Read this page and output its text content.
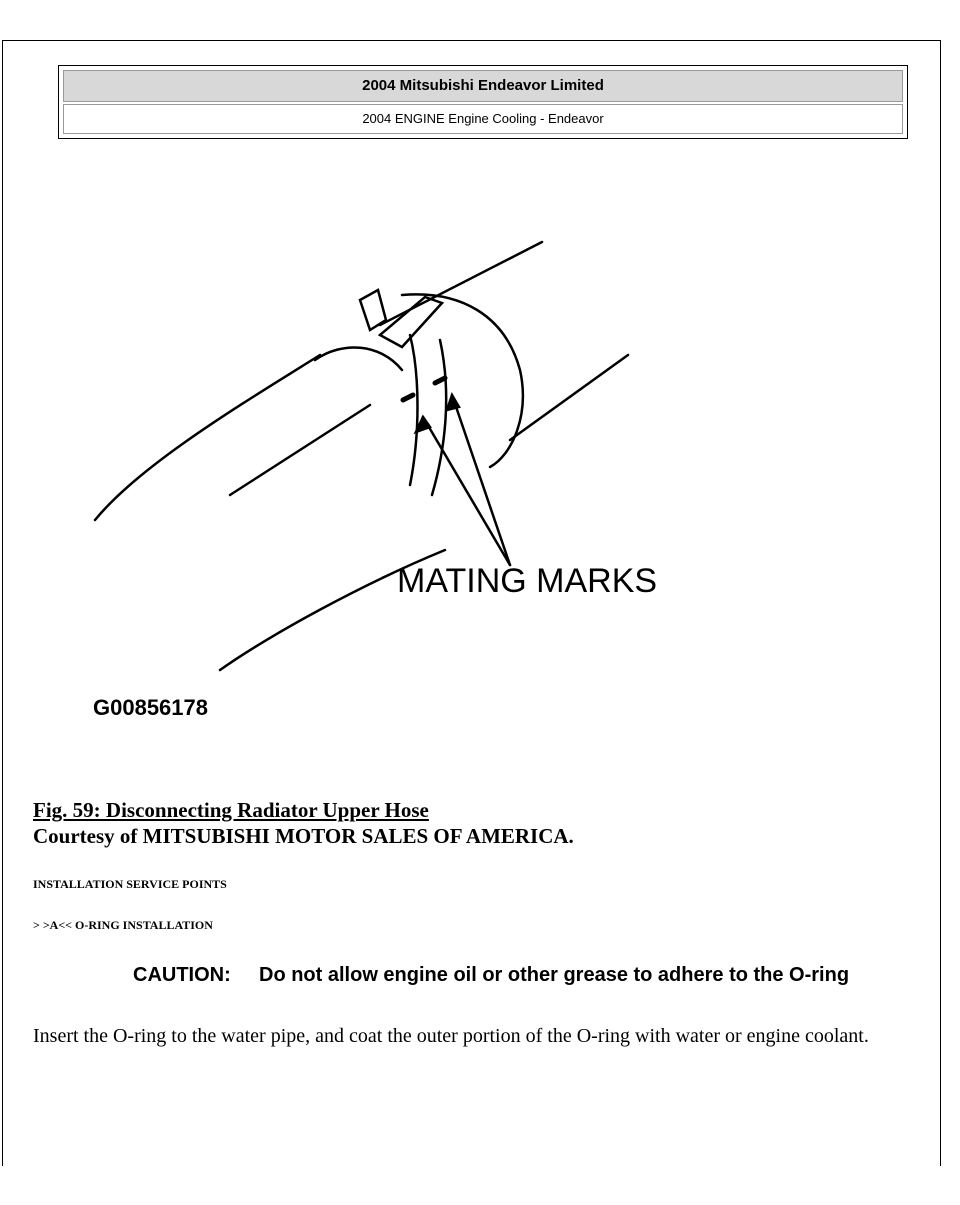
2004 Mitsubishi Endeavor Limited
2004 ENGINE Engine Cooling - Endeavor
MATING MARKS
G00856178
Fig. 59: Disconnecting Radiator Upper Hose
Courtesy of MITSUBISHI MOTOR SALES OF AMERICA.
INSTALLATION SERVICE POINTS
> >A<< O-RING INSTALLATION
CAUTION: Do not allow engine oil or other grease to adhere to the O-ring
Insert the O-ring to the water pipe, and coat the outer portion of the O-ring with water or engine coolant.
